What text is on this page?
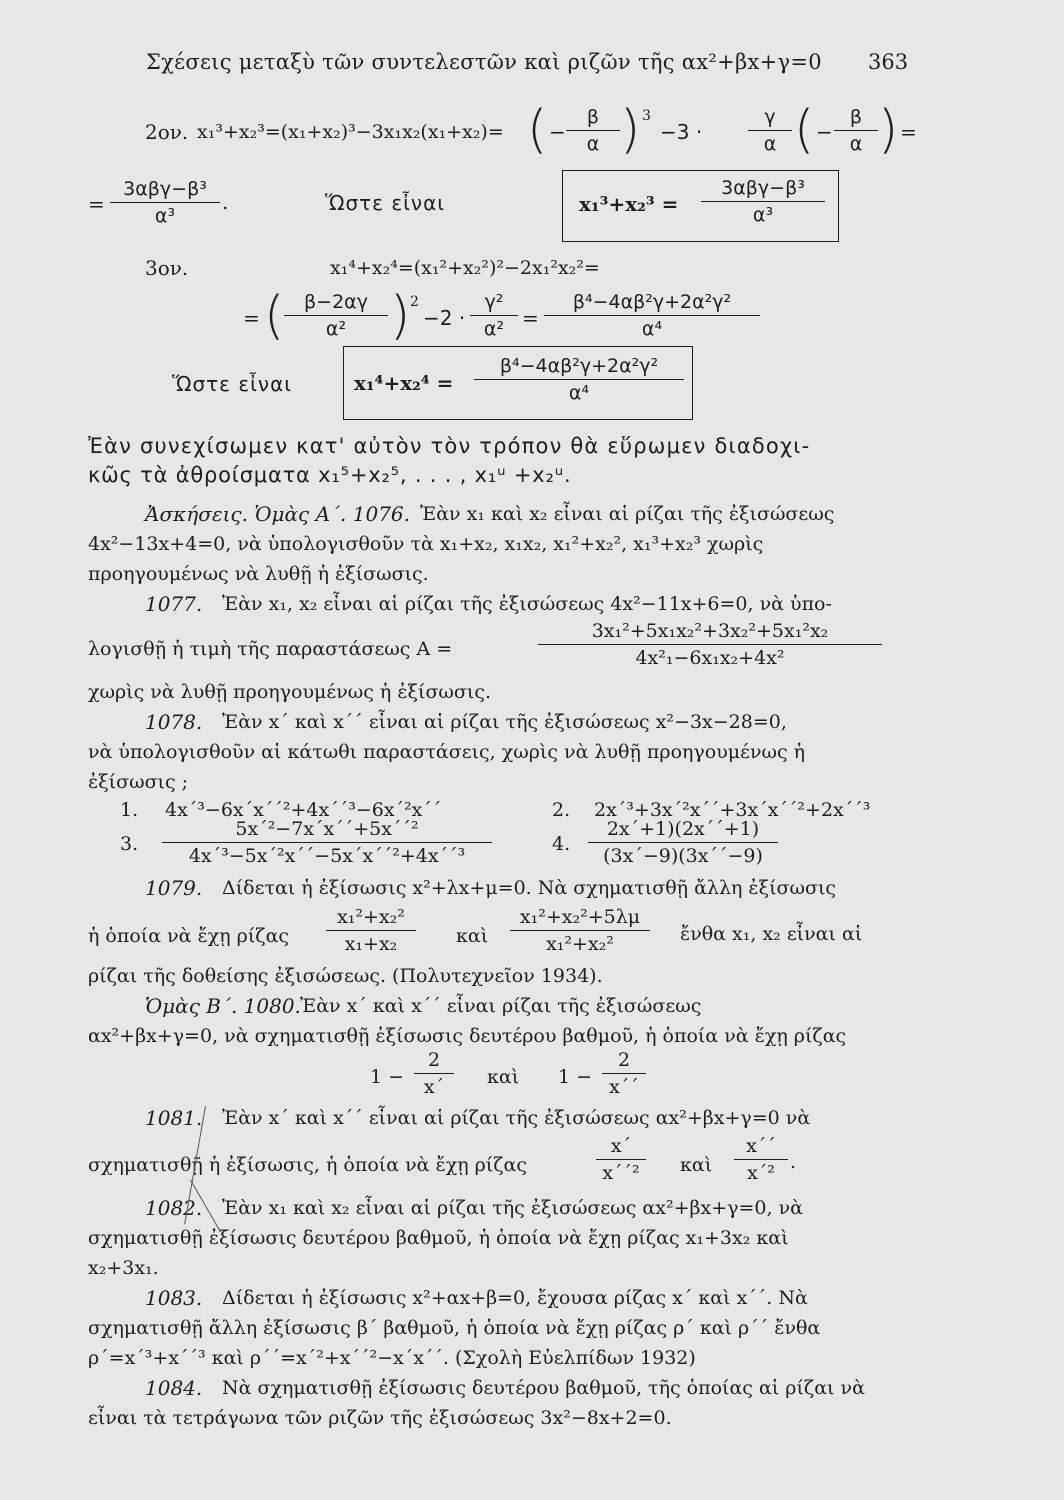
Σχέσεις μεταξὺ τῶν συντελεστῶν καὶ ριζῶν τῆς αx²+βx+γ=0 363
2ον. x₁³+x₂³=(x₁+x₂)³−3x₁x₂(x₁+x₂)= ( −
β
α ) 3
−3 ·
γ
α ( −
β
α ) =
=
3αβγ−β³
α³
.	Ὥστε εἶναι	x₁³+x₂³ =
3αβγ−β³
α³
3ον.	x₁⁴+x₂⁴=(x₁²+x₂²)²−2x₁²x₂²=
= (	β−2αγ
α² ) 2
−2 ·
γ²
α² =
β⁴−4αβ²γ+2α²γ²
α⁴
Ὥστε εἶναι	x₁⁴+x₂⁴ =
β⁴−4αβ²γ+2α²γ²
α⁴
Ἐὰν συνεχίσωμεν κατ' αὐτὸν τὸν τρόπον θὰ εὕρωμεν διαδοχι-
κῶς τὰ ἀθροίσματα x₁⁵+x₂⁵, . . . , x₁ᵘ +x₂ᵘ.
Ἀσκήσεις. Ὁμὰς Α΄. 1076. Ἐὰν x₁ καὶ x₂ εἶναι αἱ ρίζαι τῆς ἐξισώσεως
4x²−13x+4=0, νὰ ὑπολογισθοῦν τὰ x₁+x₂, x₁x₂, x₁²+x₂², x₁³+x₂³ χωρὶς
προηγουμένως νὰ λυθῇ ἡ ἐξίσωσις.
1077. Ἐὰν x₁, x₂ εἶναι αἱ ρίζαι τῆς ἐξισώσεως 4x²−11x+6=0, νὰ ὑπο-
λογισθῇ ἡ τιμὴ τῆς παραστάσεως A =
3x₁²+5x₁x₂²+3x₂²+5x₁²x₂
4x²₁−6x₁x₂+4x²
χωρὶς νὰ λυθῇ προηγουμένως ἡ ἐξίσωσις.
1078. Ἐὰν x΄ καὶ x΄΄ εἶναι αἱ ρίζαι τῆς ἐξισώσεως x²−3x−28=0,
νὰ ὑπολογισθοῦν αἱ κάτωθι παραστάσεις, χωρὶς νὰ λυθῇ προηγουμένως ἡ
ἐξίσωσις ;
1. 4x΄³−6x΄x΄΄²+4x΄΄³−6x΄²x΄΄	2. 2x΄³+3x΄²x΄΄+3x΄x΄΄²+2x΄΄³
3.
5x΄²−7x΄x΄΄+5x΄΄²
4x΄³−5x΄²x΄΄−5x΄x΄΄²+4x΄΄³
4.
2x΄+1)(2x΄΄+1)
(3x΄−9)(3x΄΄−9)
1079. Δίδεται ἡ ἐξίσωσις x²+λx+μ=0. Νὰ σχηματισθῇ ἄλλη ἐξίσωσις
ἡ ὁποία νὰ ἔχῃ ρίζας
x₁²+x₂²
x₁+x₂	καὶ
x₁²+x₂²+5λμ
x₁²+x₂²	ἔνθα x₁, x₂ εἶναι αἱ
ρίζαι τῆς δοθείσης ἐξισώσεως. (Πολυτεχνεῖον 1934).
Ὁμὰς Β΄. 1080. Ἐὰν x΄ καὶ x΄΄ εἶναι ρίζαι τῆς ἐξισώσεως
αx²+βx+γ=0, νὰ σχηματισθῇ ἐξίσωσις δευτέρου βαθμοῦ, ἡ ὁποία νὰ ἔχῃ ρίζας
1 −
2
x΄	καὶ 1 −
2
x΄΄
1081. Ἐὰν x΄ καὶ x΄΄ εἶναι αἱ ρίζαι τῆς ἐξισώσεως αx²+βx+γ=0 νὰ
σχηματισθῇ ἡ ἐξίσωσις, ἡ ὁποία νὰ ἔχῃ ρίζας
x΄
x΄΄²	καὶ
x΄΄
x΄² .
1082. Ἐὰν x₁ καὶ x₂ εἶναι αἱ ρίζαι τῆς ἐξισώσεως αx²+βx+γ=0, νὰ
σχηματισθῇ ἐξίσωσις δευτέρου βαθμοῦ, ἡ ὁποία νὰ ἔχῃ ρίζας x₁+3x₂ καὶ
x₂+3x₁.
1083. Δίδεται ἡ ἐξίσωσις x²+αx+β=0, ἔχουσα ρίζας x΄ καὶ x΄΄. Νὰ
σχηματισθῇ ἄλλη ἐξίσωσις β΄ βαθμοῦ, ἡ ὁποία νὰ ἔχῃ ρίζας ρ΄ καὶ ρ΄΄ ἔνθα
ρ΄=x΄³+x΄΄³ καὶ ρ΄΄=x΄²+x΄΄²−x΄x΄΄. (Σχολὴ Εὐελπίδων 1932)
1084. Νὰ σχηματισθῇ ἐξίσωσις δευτέρου βαθμοῦ, τῆς ὁποίας αἱ ρίζαι νὰ
εἶναι τὰ τετράγωνα τῶν ριζῶν τῆς ἐξισώσεως 3x²−8x+2=0.
